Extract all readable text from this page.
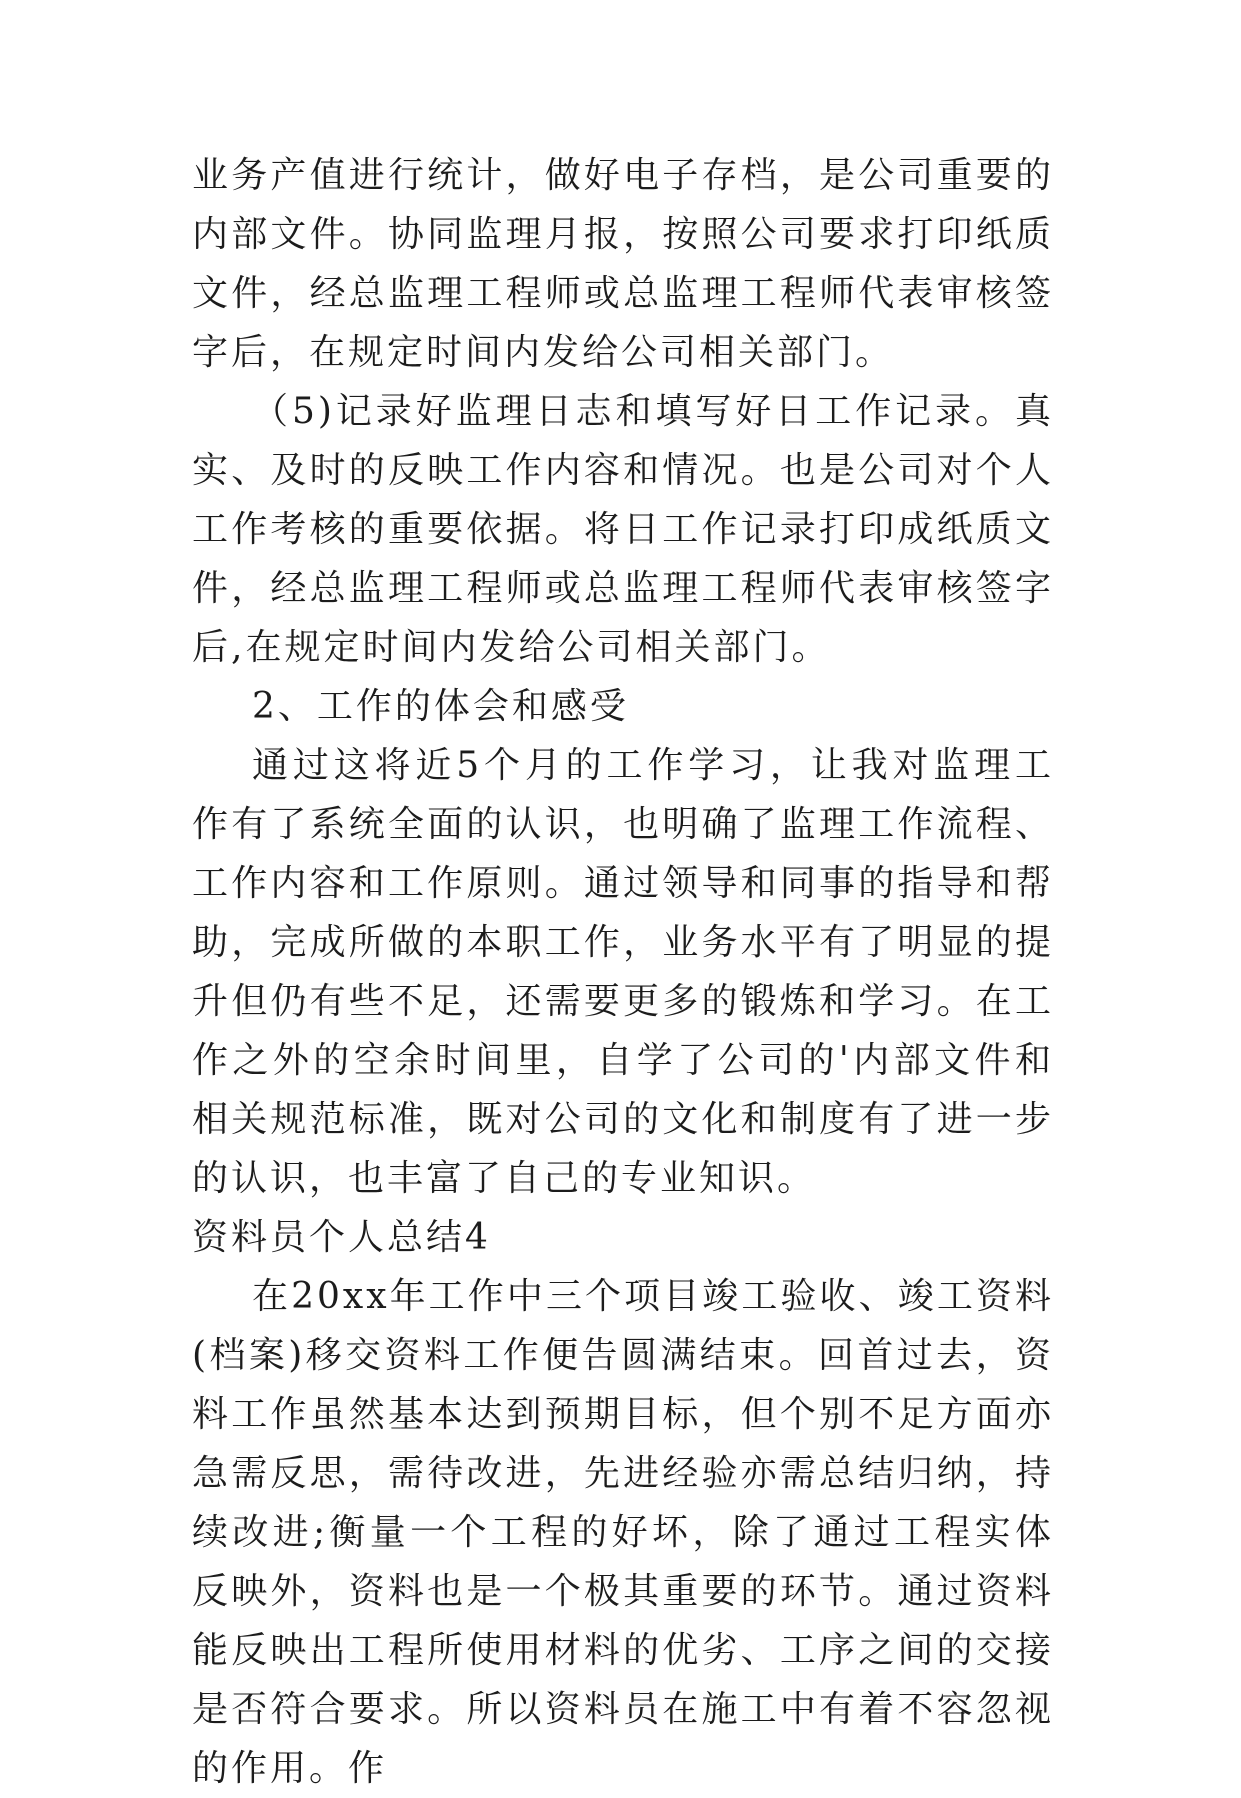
业务产值进行统计，做好电子存档，是公司重要的内部文件。协同监理月报，按照公司要求打印纸质文件，经总监理工程师或总监理工程师代表审核签字后，在规定时间内发给公司相关部门。

（5)记录好监理日志和填写好日工作记录。真实、及时的反映工作内容和情况。也是公司对个人工作考核的重要依据。将日工作记录打印成纸质文件，经总监理工程师或总监理工程师代表审核签字后,在规定时间内发给公司相关部门。

2、工作的体会和感受

通过这将近5个月的工作学习，让我对监理工作有了系统全面的认识，也明确了监理工作流程、工作内容和工作原则。通过领导和同事的指导和帮助，完成所做的本职工作，业务水平有了明显的提升但仍有些不足，还需要更多的锻炼和学习。在工作之外的空余时间里，自学了公司的'内部文件和相关规范标准，既对公司的文化和制度有了进一步的认识，也丰富了自己的专业知识。

资料员个人总结4

在20xx年工作中三个项目竣工验收、竣工资料(档案)移交资料工作便告圆满结束。回首过去，资料工作虽然基本达到预期目标，但个别不足方面亦急需反思，需待改进，先进经验亦需总结归纳，持续改进;衡量一个工程的好坏，除了通过工程实体反映外，资料也是一个极其重要的环节。通过资料能反映出工程所使用材料的优劣、工序之间的交接是否符合要求。所以资料员在施工中有着不容忽视的作用。作
